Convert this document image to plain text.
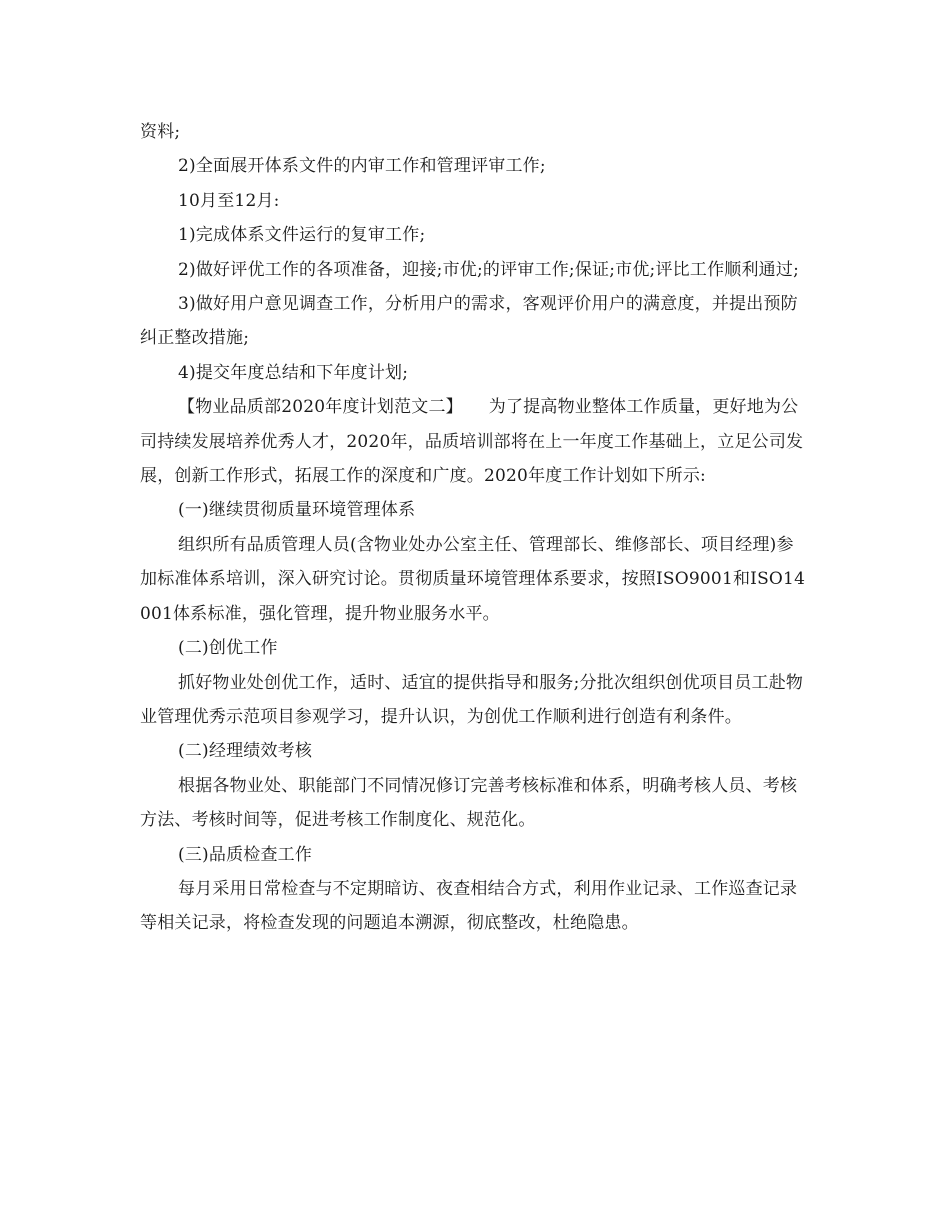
资料;

2)全面展开体系文件的内审工作和管理评审工作;

10月至12月:

1)完成体系文件运行的复审工作;

2)做好评优工作的各项准备，迎接;市优;的评审工作;保证;市优;评比工作顺利通过;

3)做好用户意见调查工作，分析用户的需求，客观评价用户的满意度，并提出预防纠正整改措施;

4)提交年度总结和下年度计划;

【物业品质部2020年度计划范文二】　　为了提高物业整体工作质量，更好地为公司持续发展培养优秀人才，2020年，品质培训部将在上一年度工作基础上，立足公司发展，创新工作形式，拓展工作的深度和广度。2020年度工作计划如下所示:

(一)继续贯彻质量环境管理体系

组织所有品质管理人员(含物业处办公室主任、管理部长、维修部长、项目经理)参加标准体系培训，深入研究讨论。贯彻质量环境管理体系要求，按照ISO9001和ISO14001体系标准，强化管理，提升物业服务水平。

(二)创优工作

抓好物业处创优工作，适时、适宜的提供指导和服务;分批次组织创优项目员工赴物业管理优秀示范项目参观学习，提升认识，为创优工作顺利进行创造有利条件。

(二)经理绩效考核

根据各物业处、职能部门不同情况修订完善考核标准和体系，明确考核人员、考核方法、考核时间等，促进考核工作制度化、规范化。

(三)品质检查工作

每月采用日常检查与不定期暗访、夜查相结合方式，利用作业记录、工作巡查记录等相关记录，将检查发现的问题追本溯源，彻底整改，杜绝隐患。
